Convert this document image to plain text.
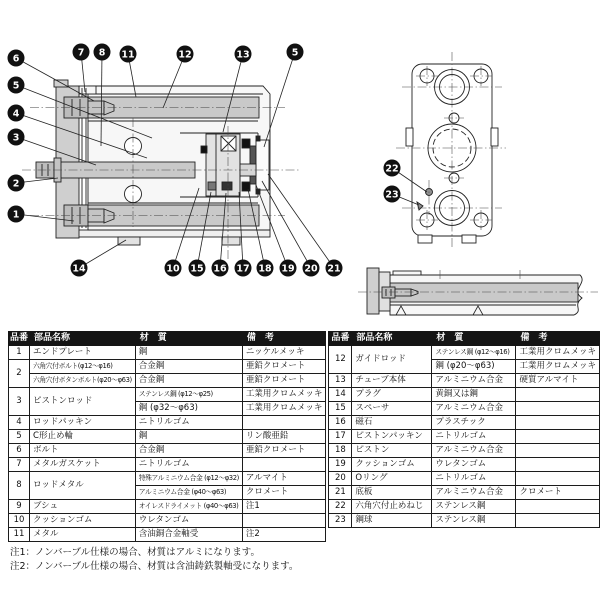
6
5
4
3
2
1
7 8 11	12	13	5
14	10 15 16 17 18 19 20 21
22
23
品番	部品名称	材　質	備　考
1	エンドプレート	鋼	ニッケルメッキ
2	六角穴付ボルト(φ12～φ16)	合金鋼	亜鉛クロメート
	六角穴付ボタンボルト(φ20～φ63)	合金鋼	亜鉛クロメート
3	ピストンロッド	ステンレス鋼 (φ12～φ25)	工業用クロムメッキ
		鋼 (φ32～φ63)	工業用クロムメッキ
4	ロッドパッキン	ニトリルゴム	
5	C形止め輪	鋼	リン酸亜鉛
6	ボルト	合金鋼	亜鉛クロメート
7	メタルガスケット	ニトリルゴム	
8	ロッドメタル	特殊アルミニウム合金 (φ12～φ32)	アルマイト
		アルミニウム合金 (φ40～φ63)	クロメート
9	ブシュ	オイレスドライメット (φ40～φ63)	注1
10	クッションゴム	ウレタンゴム	
11	メタル	含油銅合金軸受	注2
品番	部品名称	材　質	備　考
12	ガイドロッド	ステンレス鋼 (φ12～φ16)	工業用クロムメッキ
		鋼 (φ20～φ63)	工業用クロムメッキ
13	チューブ本体	アルミニウム合金	硬質アルマイト
14	プラグ	黄銅又は鋼	
15	スペーサ	アルミニウム合金	
16	磁石	プラスチック	
17	ピストンパッキン	ニトリルゴム	
18	ピストン	アルミニウム合金	
19	クッションゴム	ウレタンゴム	
20	Oリング	ニトリルゴム	
21	底板	アルミニウム合金	クロメート
22	六角穴付止めねじ	ステンレス鋼	
23	鋼球	ステンレス鋼	
注1：ノンバーブル仕様の場合、材質はアルミになります。
注2：ノンバーブル仕様の場合、材質は含油鋳鉄製軸受になります。
